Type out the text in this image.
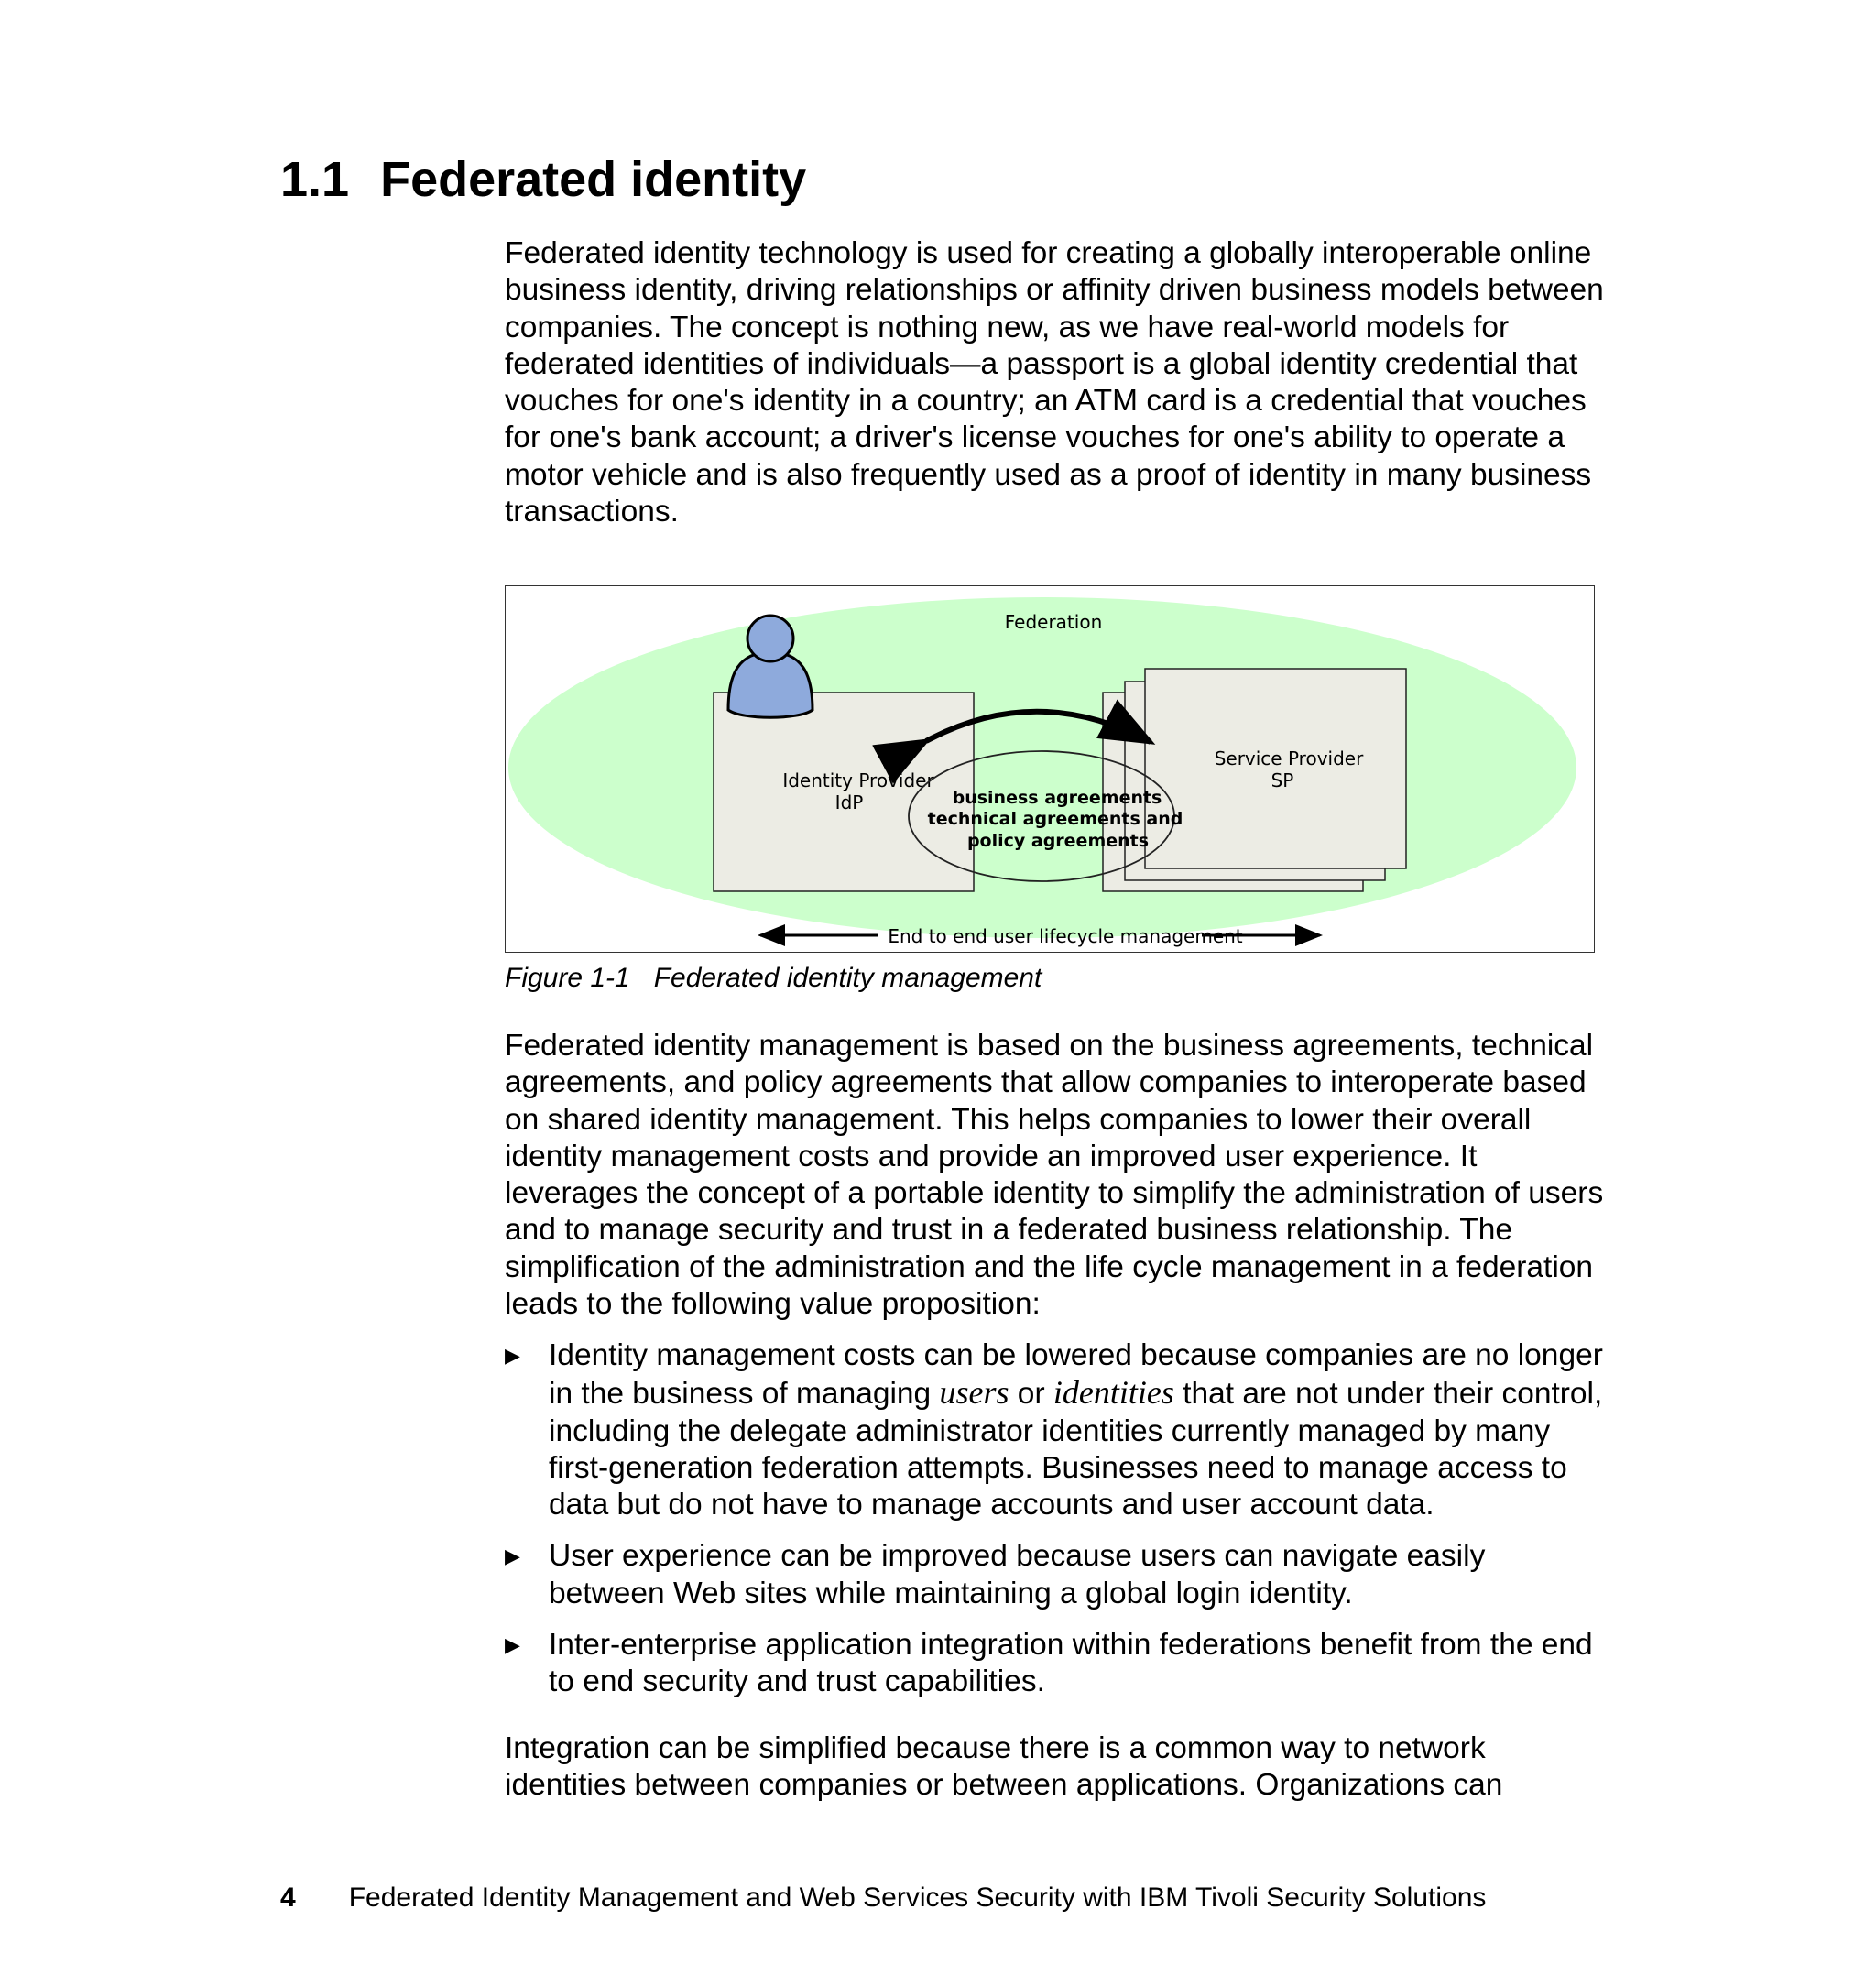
1.1 Federated identity

Federated identity technology is used for creating a globally interoperable online business identity, driving relationships or affinity driven business models between companies. The concept is nothing new, as we have real-world models for federated identities of individuals—a passport is a global identity credential that vouches for one's identity in a country; an ATM card is a credential that vouches for one's bank account; a driver's license vouches for one's ability to operate a motor vehicle and is also frequently used as a proof of identity in many business transactions.

Federation
Service Provider
SP
Identity Provider
IdP	business agreements
technical agreements and
policy agreements
End to end user lifecycle management
Figure 1-1 Federated identity management

Federated identity management is based on the business agreements, technical agreements, and policy agreements that allow companies to interoperate based on shared identity management. This helps companies to lower their overall identity management costs and provide an improved user experience. It leverages the concept of a portable identity to simplify the administration of users and to manage security and trust in a federated business relationship. The simplification of the administration and the life cycle management in a federation leads to the following value proposition:

▶ Identity management costs can be lowered because companies are no longer in the business of managing users or identities that are not under their control, including the delegate administrator identities currently managed by many first-generation federation attempts. Businesses need to manage access to data but do not have to manage accounts and user account data.
▶ User experience can be improved because users can navigate easily between Web sites while maintaining a global login identity.
▶ Inter-enterprise application integration within federations benefit from the end to end security and trust capabilities.

Integration can be simplified because there is a common way to network identities between companies or between applications. Organizations can

4 Federated Identity Management and Web Services Security with IBM Tivoli Security Solutions
